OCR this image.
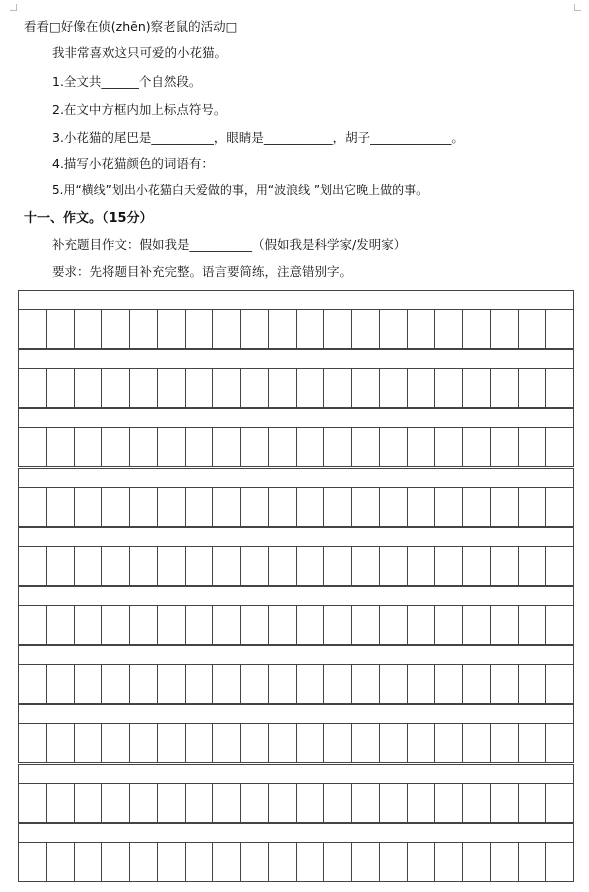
看看□好像在侦(zhēn)察老鼠的活动□
我非常喜欢这只可爱的小花猫。
1.全文共______个自然段。
2.在文中方框内加上标点符号。
3.小花猫的尾巴是__________，眼睛是___________，胡子_____________。
4.描写小花猫颜色的词语有：
5.用“横线”划出小花猫白天爱做的事，用“波浪线 ”划出它晚上做的事。
十一、作文。（15分）
补充题目作文：假如我是__________（假如我是科学家/发明家）
要求：先将题目补充完整。语言要简练，注意错别字。
